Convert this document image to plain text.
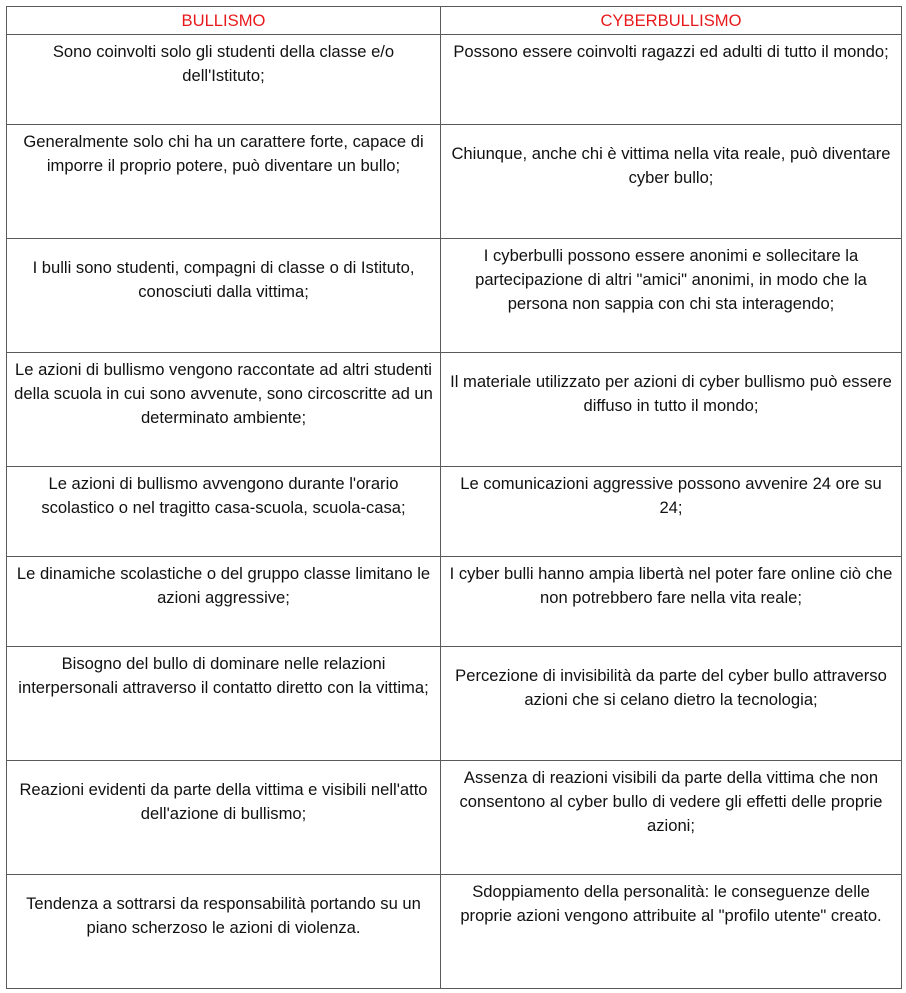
BULLISMO	CYBERBULLISMO

Sono coinvolti solo gli studenti della classe e/o dell'Istituto;	Possono essere coinvolti ragazzi ed adulti di tutto il mondo;

Generalmente solo chi ha un carattere forte, capace di imporre il proprio potere, può diventare un bullo;	Chiunque, anche chi è vittima nella vita reale, può diventare cyber bullo;

I bulli sono studenti, compagni di classe o di Istituto, conosciuti dalla vittima;	I cyberbulli possono essere anonimi e sollecitare la partecipazione di altri "amici" anonimi, in modo che la persona non sappia con chi sta interagendo;

Le azioni di bullismo vengono raccontate ad altri studenti della scuola in cui sono avvenute, sono circoscritte ad un determinato ambiente;	Il materiale utilizzato per azioni di cyber bullismo può essere diffuso in tutto il mondo;

Le azioni di bullismo avvengono durante l'orario scolastico o nel tragitto casa-scuola, scuola-casa;	Le comunicazioni aggressive possono avvenire 24 ore su 24;

Le dinamiche scolastiche o del gruppo classe limitano le azioni aggressive;	I cyber bulli hanno ampia libertà nel poter fare online ciò che non potrebbero fare nella vita reale;

Bisogno del bullo di dominare nelle relazioni interpersonali attraverso il contatto diretto con la vittima;	Percezione di invisibilità da parte del cyber bullo attraverso azioni che si celano dietro la tecnologia;

Reazioni evidenti da parte della vittima e visibili nell'atto dell'azione di bullismo;	Assenza di reazioni visibili da parte della vittima che non consentono al cyber bullo di vedere gli effetti delle proprie azioni;

Tendenza a sottrarsi da responsabilità portando su un piano scherzoso le azioni di violenza.	Sdoppiamento della personalità: le conseguenze delle proprie azioni vengono attribuite al "profilo utente" creato.
